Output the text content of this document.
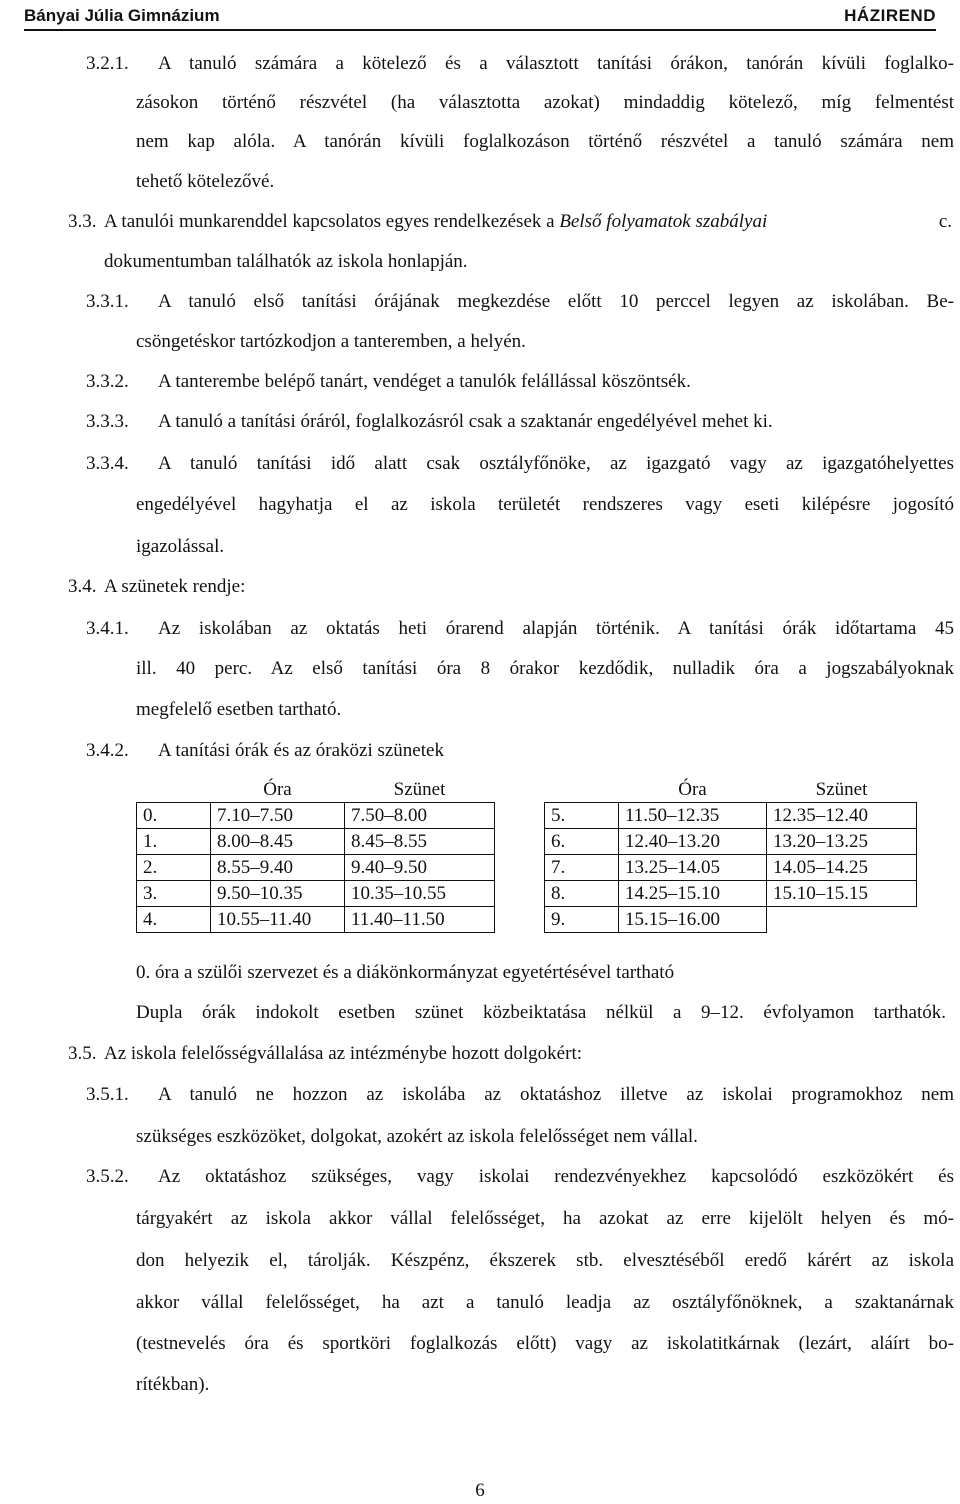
Bányai Júlia Gimnázium	HÁZIREND
3.2.1. A tanuló számára a kötelező és a választott tanítási órákon, tanórán kívüli foglalko-
zásokon történő részvétel (ha választotta azokat) mindaddig kötelező, míg felmentést
nem kap alóla. A tanórán kívüli foglalkozáson történő részvétel a tanuló számára nem
tehető kötelezővé.
3.3. A tanulói munkarenddel kapcsolatos egyes rendelkezések a Belső folyamatok szabályai	c.
dokumentumban találhatók az iskola honlapján.
3.3.1. A tanuló első tanítási órájának megkezdése előtt 10 perccel legyen az iskolában. Be-
csöngetéskor tartózkodjon a tanteremben, a helyén.
3.3.2. A tanterembe belépő tanárt, vendéget a tanulók felállással köszöntsék.
3.3.3. A tanuló a tanítási óráról, foglalkozásról csak a szaktanár engedélyével mehet ki.
3.3.4. A tanuló tanítási idő alatt csak osztályfőnöke, az igazgató vagy az igazgatóhelyettes
engedélyével hagyhatja el az iskola területét rendszeres vagy eseti kilépésre jogosító
igazolással.
3.4. A szünetek rendje:
3.4.1. Az iskolában az oktatás heti órarend alapján történik. A tanítási órák időtartama 45
ill. 40 perc. Az első tanítási óra 8 órakor kezdődik, nulladik óra a jogszabályoknak
megfelelő esetben tartható.
3.4.2. A tanítási órák és az óraközi szünetek
	Óra	Szünet
0.	7.10–7.50	7.50–8.00
1.	8.00–8.45	8.45–8.55
2.	8.55–9.40	9.40–9.50
3.	9.50–10.35	10.35–10.55
4.	10.55–11.40	11.40–11.50
	Óra	Szünet
5.	11.50–12.35	12.35–12.40
6.	12.40–13.20	13.20–13.25
7.	13.25–14.05	14.05–14.25
8.	14.25–15.10	15.10–15.15
9.	15.15–16.00	
0. óra a szülői szervezet és a diákönkormányzat egyetértésével tartható
Dupla órák indokolt esetben szünet közbeiktatása nélkül a 9–12. évfolyamon tarthatók.
3.5. Az iskola felelősségvállalása az intézménybe hozott dolgokért:
3.5.1. A tanuló ne hozzon az iskolába az oktatáshoz illetve az iskolai programokhoz nem
szükséges eszközöket, dolgokat, azokért az iskola felelősséget nem vállal.
3.5.2. Az oktatáshoz szükséges, vagy iskolai rendezvényekhez kapcsolódó eszközökért és
tárgyakért az iskola akkor vállal felelősséget, ha azokat az erre kijelölt helyen és mó-
don helyezik el, tárolják. Készpénz, ékszerek stb. elvesztéséből eredő kárért az iskola
akkor vállal felelősséget, ha azt a tanuló leadja az osztályfőnöknek, a szaktanárnak
(testnevelés óra és sportköri foglalkozás előtt) vagy az iskolatitkárnak (lezárt, aláírt bo-
rítékban).
6
